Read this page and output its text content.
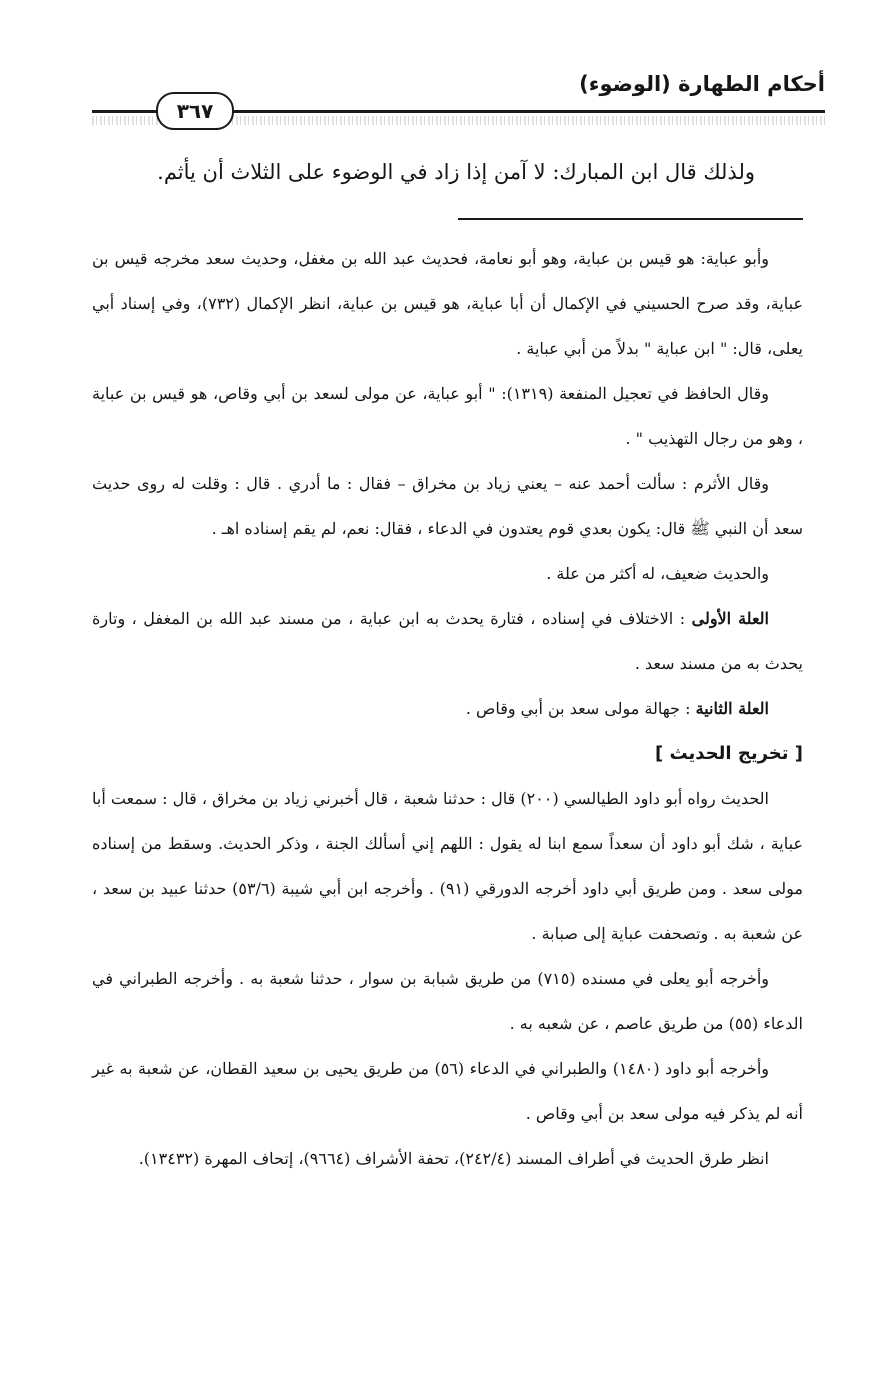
أحكام الطهارة (الوضوء)
٣٦٧
ولذلك قال ابن المبارك: لا آمن إذا زاد في الوضوء على الثلاث أن يأثم.

وأبو عباية: هو قيس بن عباية، وهو أبو نعامة، فحديث عبد الله بن مغفل، وحديث سعد مخرجه قيس بن عباية، وقد صرح الحسيني في الإكمال أن أبا عباية، هو قيس بن عباية، انظر الإكمال (٧٣٢)، وفي إسناد أبي يعلى، قال: " ابن عباية " بدلاً من أبي عباية .

وقال الحافظ في تعجيل المنفعة (١٣١٩): " أبو عباية، عن مولى لسعد بن أبي وقاص، هو قيس بن عباية ، وهو من رجال التهذيب " .

وقال الأثرم : سألت أحمد عنه – يعني زياد بن مخراق – فقال : ما أدري . قال : وقلت له روى حديث سعد أن النبي ﷺ قال: يكون بعدي قوم يعتدون في الدعاء ، فقال: نعم، لم يقم إسناده اهـ .

والحديث ضعيف، له أكثر من علة .

العلة الأولى : الاختلاف في إسناده ، فتارة يحدث به ابن عباية ، من مسند عبد الله بن المغفل ، وتارة يحدث به من مسند سعد .

العلة الثانية : جهالة مولى سعد بن أبي وقاص .

[ تخريج الحديث ]

الحديث رواه أبو داود الطيالسي (٢٠٠) قال : حدثنا شعبة ، قال أخبرني زياد بن مخراق ، قال : سمعت أبا عباية ، شك أبو داود أن سعداً سمع ابنا له يقول : اللهم إني أسألك الجنة ، وذكر الحديث. وسقط من إسناده مولى سعد . ومن طريق أبي داود أخرجه الدورقي (٩١) . وأخرجه ابن أبي شيبة (٥٣/٦) حدثنا عبيد بن سعد ، عن شعبة به . وتصحفت عباية إلى صبابة .

وأخرجه أبو يعلى في مسنده (٧١٥) من طريق شبابة بن سوار ، حدثنا شعبة به . وأخرجه الطبراني في الدعاء (٥٥) من طريق عاصم ، عن شعبه به .

وأخرجه أبو داود (١٤٨٠) والطبراني في الدعاء (٥٦) من طريق يحيى بن سعيد القطان، عن شعبة به غير أنه لم يذكر فيه مولى سعد بن أبي وقاص .

انظر طرق الحديث في أطراف المسند (٢٤٢/٤)، تحفة الأشراف (٩٦٦٤)، إتحاف المهرة (١٣٤٣٢).
